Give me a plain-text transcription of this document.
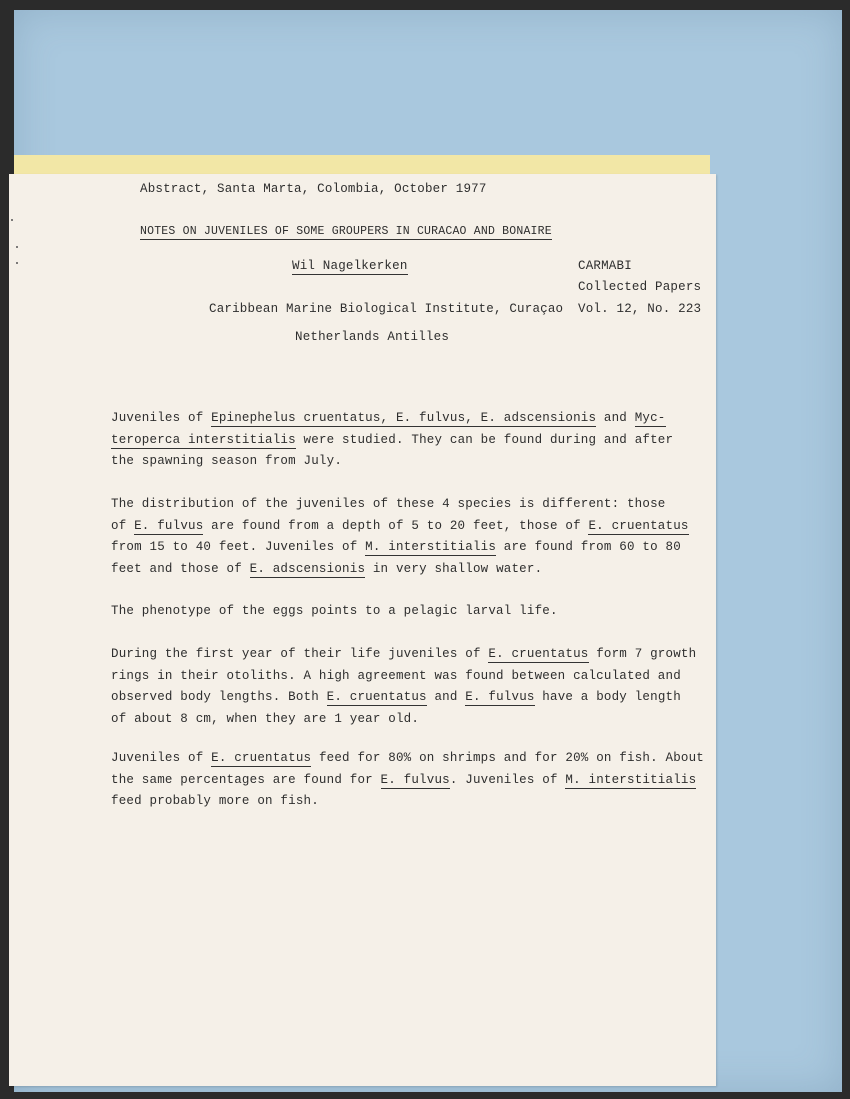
Abstract, Santa Marta, Colombia, October 1977
NOTES ON JUVENILES OF SOME GROUPERS IN CURACAO AND BONAIRE
Wil Nagelkerken
Caribbean Marine Biological Institute, Curaçao
Netherlands Antilles
CARMABI
Collected Papers
Vol. 12, No. 223
Juveniles of Epinephelus cruentatus, E. fulvus, E. adscensionis and Myc-
teroperca interstitialis were studied. They can be found during and after
the spawning season from July.
The distribution of the juveniles of these 4 species is different: those
of E. fulvus are found from a depth of 5 to 20 feet, those of E. cruentatus
from 15 to 40 feet. Juveniles of M. interstitialis are found from 60 to 80
feet and those of E. adscensionis in very shallow water.
The phenotype of the eggs points to a pelagic larval life.
During the first year of their life juveniles of E. cruentatus form 7 growth
rings in their otoliths. A high agreement was found between calculated and
observed body lengths. Both E. cruentatus and E. fulvus have a body length
of about 8 cm, when they are 1 year old.
Juveniles of E. cruentatus feed for 80% on shrimps and for 20% on fish. About
the same percentages are found for E. fulvus. Juveniles of M. interstitialis
feed probably more on fish.
